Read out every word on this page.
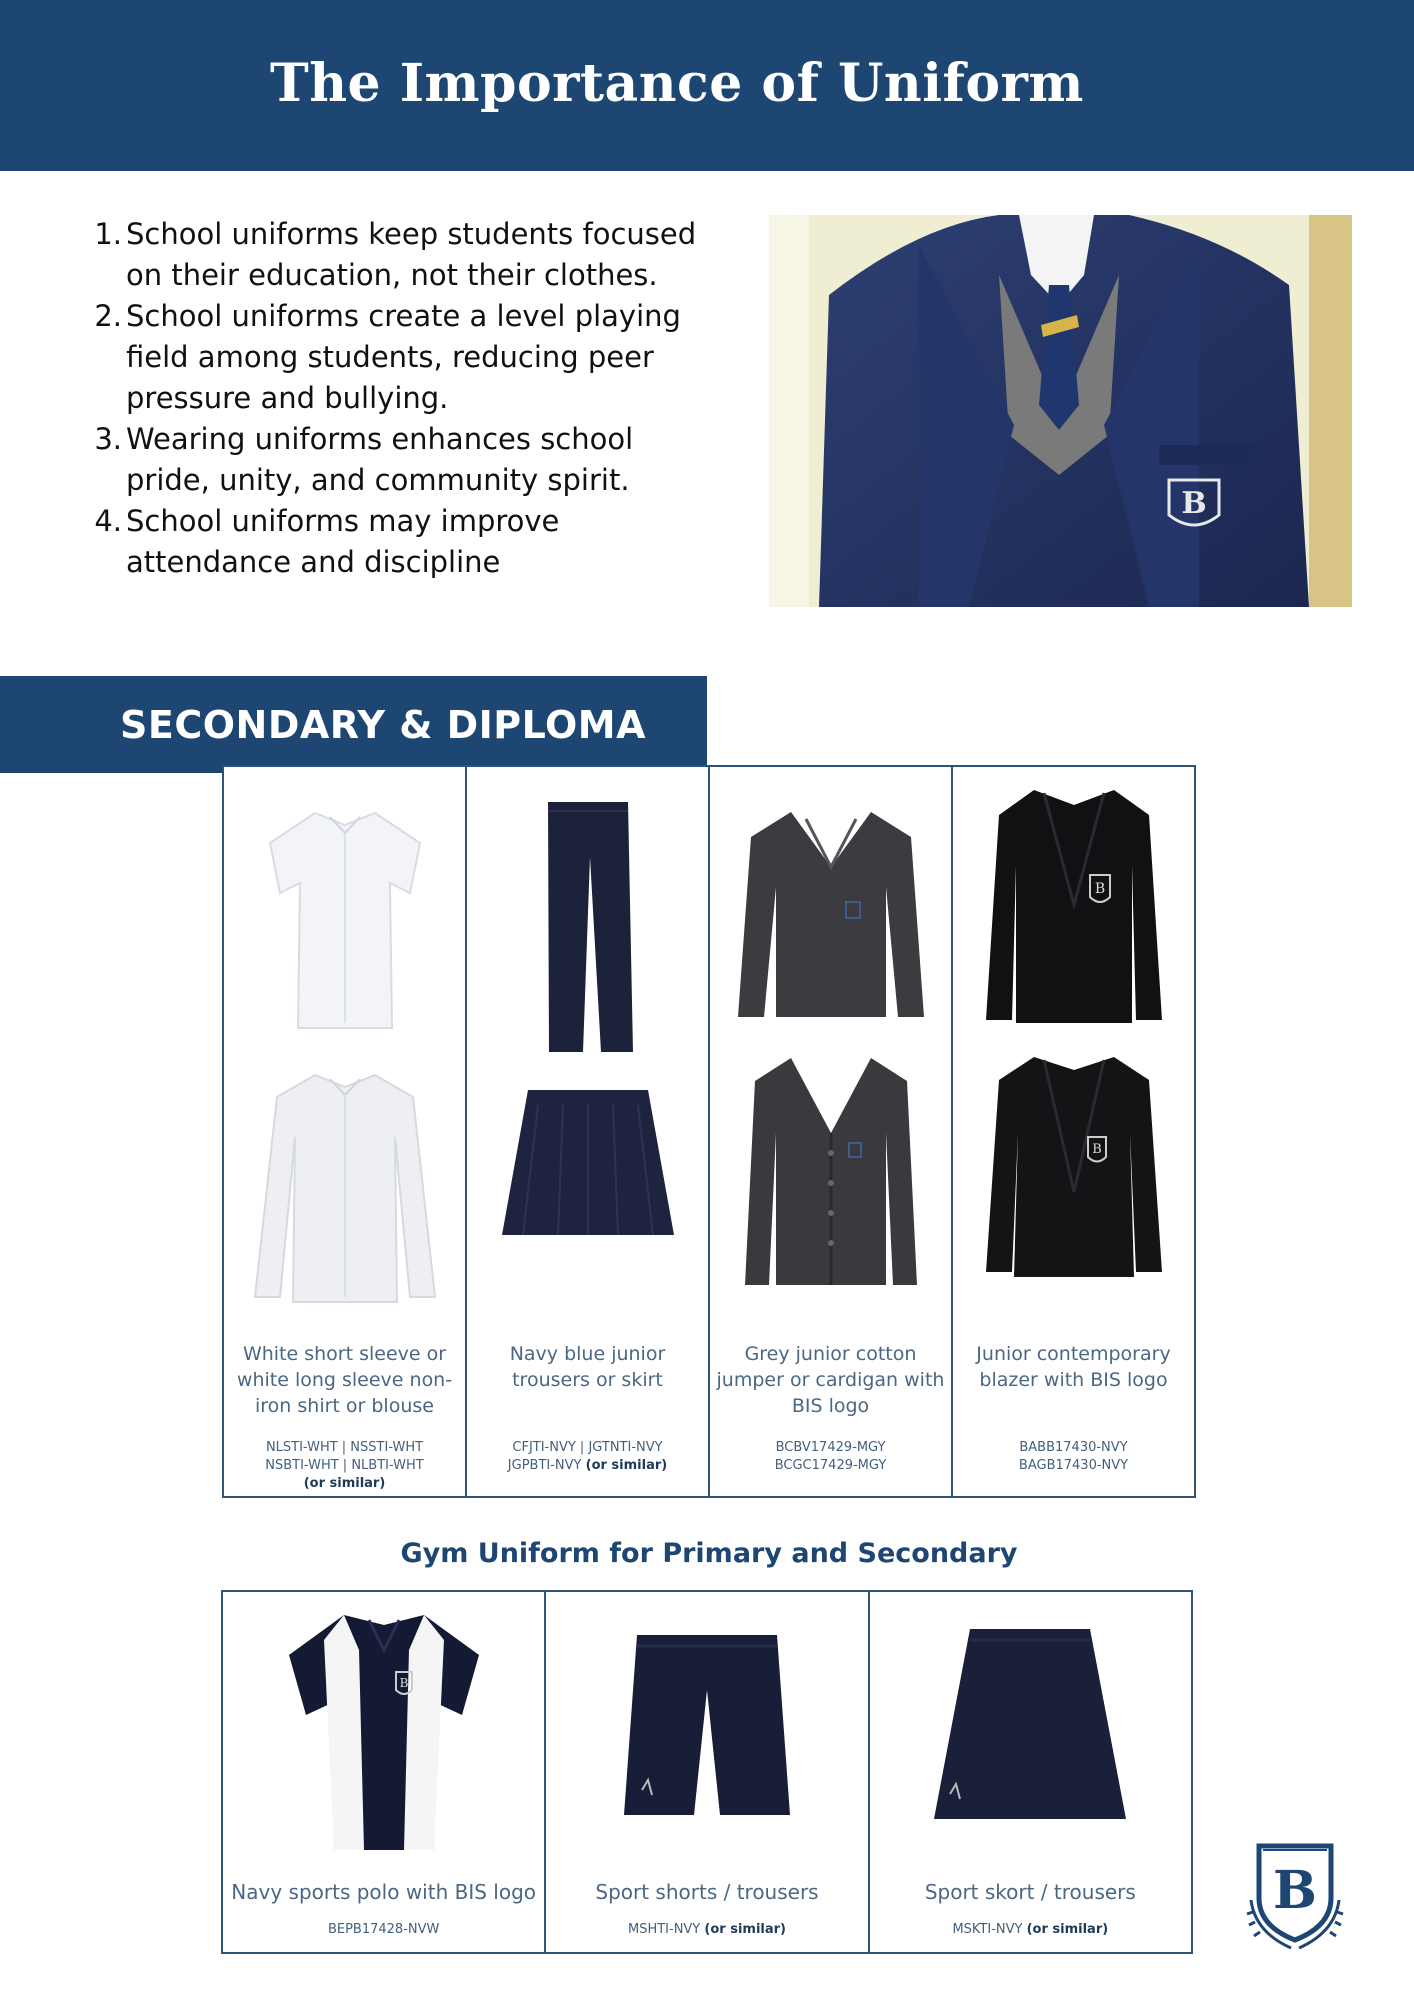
The Importance of Uniform
1. School uniforms keep students focused on their education, not their clothes.
2. School uniforms create a level playing field among students, reducing peer pressure and bullying.
3. Wearing uniforms enhances school pride, unity, and community spirit.
4. School uniforms may improve attendance and discipline
B
SECONDARY & DIPLOMA
White short sleeve or white long sleeve non-iron shirt or blouse
NLSTI-WHT | NSSTI-WHT
NSBTI-WHT | NLBTI-WHT
(or similar)
Navy blue junior trousers or skirt
CFJTI-NVY | JGTNTI-NVY
JGPBTI-NVY (or similar)
Grey junior cotton jumper or cardigan with BIS logo
BCBV17429-MGY
BCGC17429-MGY
B
B
Junior contemporary blazer with BIS logo
BABB17430-NVY
BAGB17430-NVY
Gym Uniform for Primary and Secondary
B
Navy sports polo with BIS logo
BEPB17428-NVW
Sport shorts / trousers
MSHTI-NVY (or similar)
Sport skort / trousers
MSKTI-NVY (or similar)
B
